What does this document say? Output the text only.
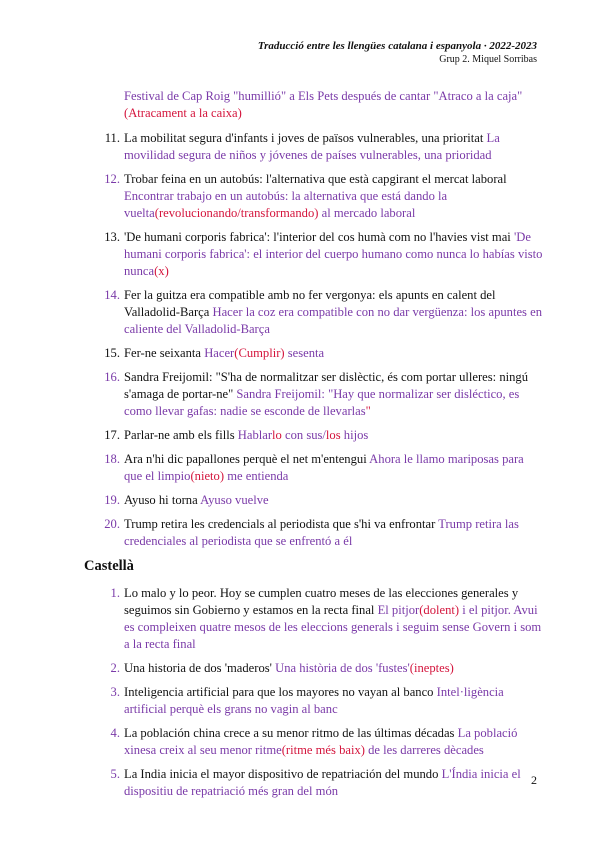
Traducció entre les llengües catalana i espanyola · 2022-2023
Grup 2. Miquel Sorribas
Festival de Cap Roig "humillió" a Els Pets después de cantar "Atraco a la caja"(Atracament a la caixa)
11. La mobilitat segura d'infants i joves de països vulnerables, una prioritat La movilidad segura de niños y jóvenes de países vulnerables, una prioridad
12. Trobar feina en un autobús: l'alternativa que està capgirant el mercat laboral Encontrar trabajo en un autobús: la alternativa que está dando la vuelta(revolucionando/transformando) al mercado laboral
13. 'De humani corporis fabrica': l'interior del cos humà com no l'havies vist mai 'De humani corporis fabrica': el interior del cuerpo humano como nunca lo habías visto nunca(x)
14. Fer la guitza era compatible amb no fer vergonya: els apunts en calent del Valladolid-Barça Hacer la coz era compatible con no dar vergüenza: los apuntes en caliente del Valladolid-Barça
15. Fer-ne seixanta Hacer(Cumplir) sesenta
16. Sandra Freijomil: "S'ha de normalitzar ser dislèctic, és com portar ulleres: ningú s'amaga de portar-ne" Sandra Freijomil: "Hay que normalizar ser disléctico, es como llevar gafas: nadie se esconde de llevarlas"
17. Parlar-ne amb els fills Hablarlo con sus/los hijos
18. Ara n'hi dic papallones perquè el net m'entengui Ahora le llamo mariposas para que el limpio(nieto) me entienda
19. Ayuso hi torna Ayuso vuelve
20. Trump retira les credencials al periodista que s'hi va enfrontar Trump retira las credenciales al periodista que se enfrentó a él
Castellà
1. Lo malo y lo peor. Hoy se cumplen cuatro meses de las elecciones generales y seguimos sin Gobierno y estamos en la recta final El pitjor(dolent) i el pitjor. Avui es compleixen quatre mesos de les eleccions generals i seguim sense Govern i som a la recta final
2. Una historia de dos 'maderos' Una història de dos 'fustes'(ineptes)
3. Inteligencia artificial para que los mayores no vayan al banco Intel·ligència artificial perquè els grans no vagin al banc
4. La población china crece a su menor ritmo de las últimas décadas La població xinesa creix al seu menor ritme(ritme més baix) de les darreres dècades
5. La India inicia el mayor dispositivo de repatriación del mundo L'Índia inicia el dispositiu de repatriació més gran del món
2
